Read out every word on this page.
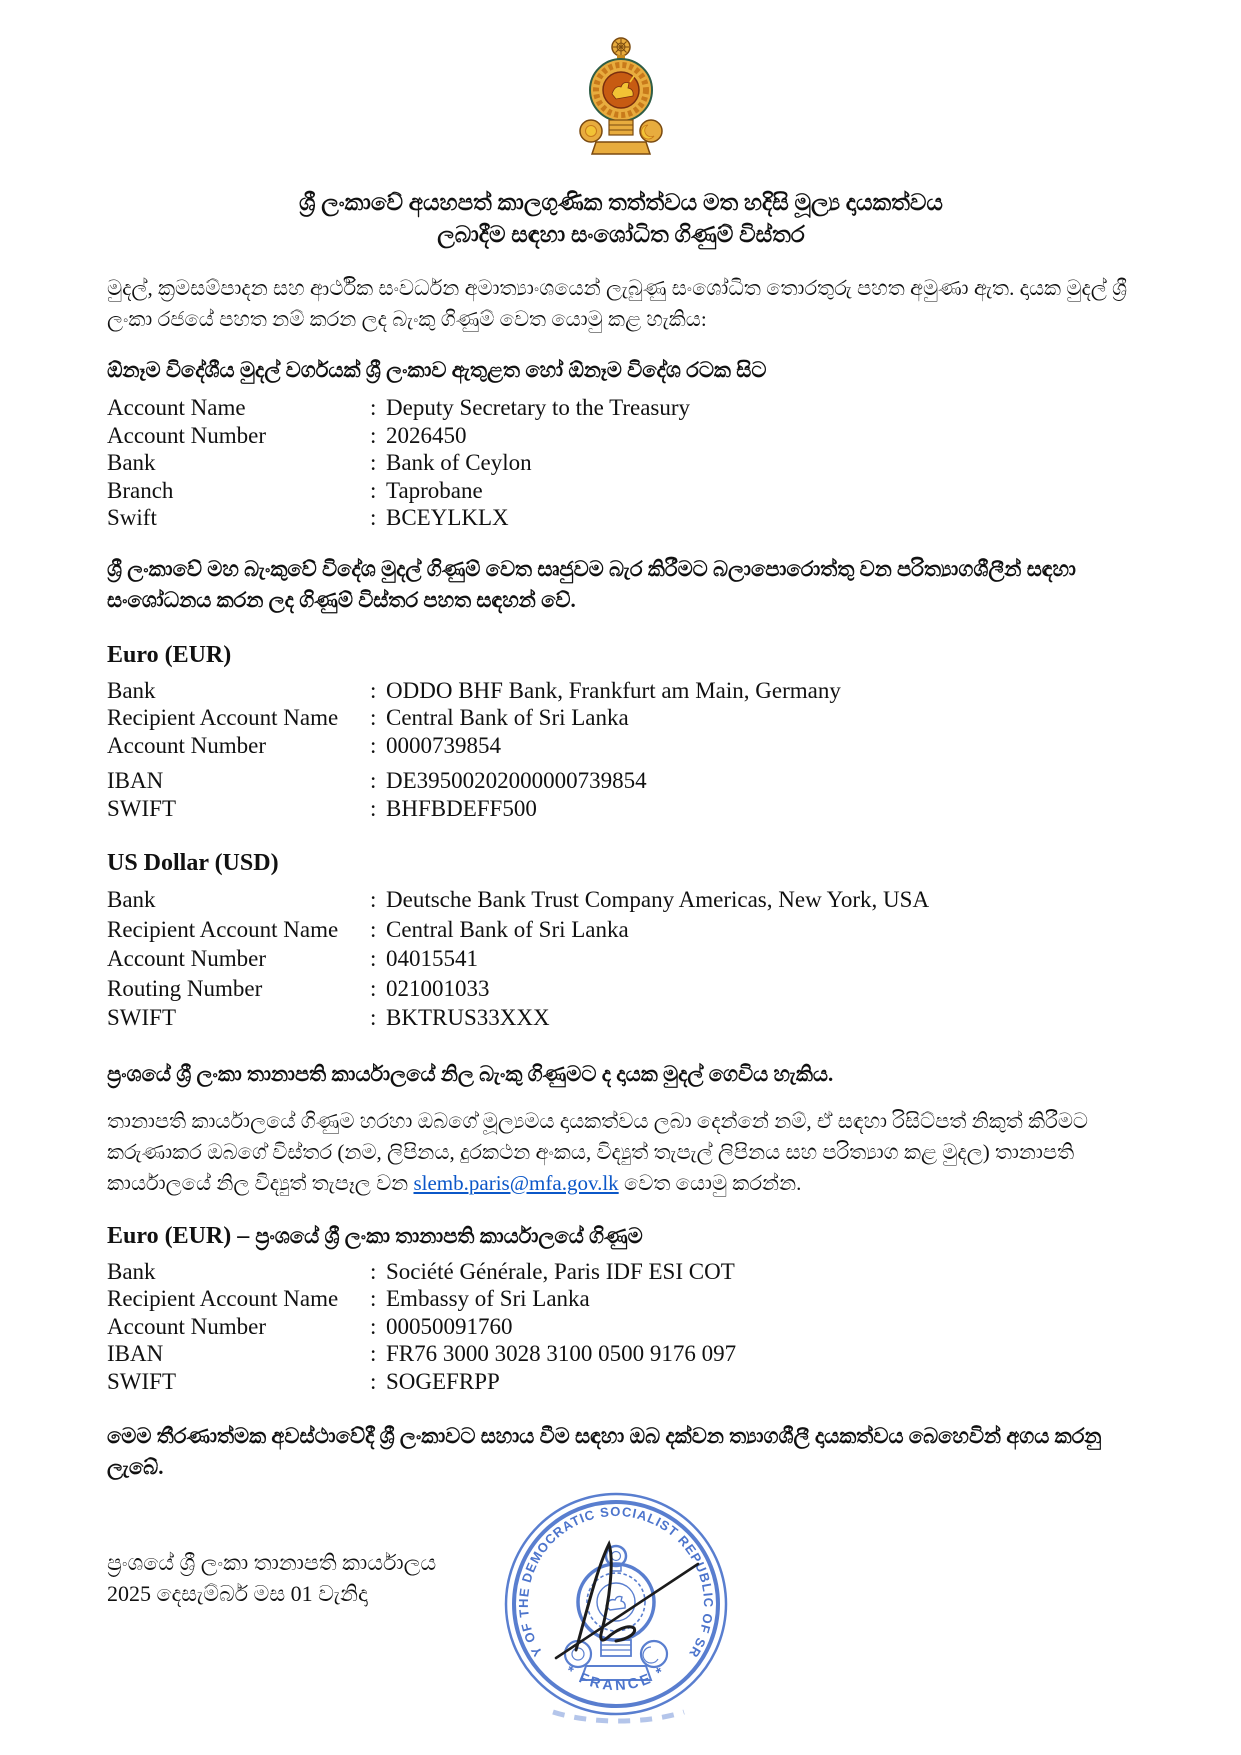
ශ්‍රී ලංකාවේ අයහපත් කාලගුණික තත්ත්වය මත හදිසි මූල්‍ය දායකත්වය
ලබාදීම සඳහා සංශෝධිත ගිණුම් විස්තර

මුදල්, ක්‍රමසම්පාදන සහ ආර්ථික සංවර්ධන අමාත්‍යාංශයෙන් ලැබුණු සංශෝධිත තොරතුරු පහත අමුණා ඇත. දායක මුදල් ශ්‍රී ලංකා රජයේ පහත නම් කරන ලද බැංකු ගිණුම් වෙත යොමු කළ හැකිය:

ඕනෑම විදේශීය මුදල් වර්ගයක් ශ්‍රී ලංකාව ඇතුළත හෝ ඕනෑම විදේශ රටක සිට

Account Name	: Deputy Secretary to the Treasury
Account Number	: 2026450
Bank	: Bank of Ceylon
Branch	: Taprobane
Swift	: BCEYLKLX

ශ්‍රී ලංකාවේ මහ බැංකුවේ විදේශ මුදල් ගිණුම් වෙත සෘජුවම බැර කිරීමට බලාපොරොත්තු වන පරිත්‍යාගශීලීන් සඳහා සංශෝධනය කරන ලද ගිණුම් විස්තර පහත සඳහන් වේ.

Euro (EUR)
Bank	: ODDO BHF Bank, Frankfurt am Main, Germany
Recipient Account Name	: Central Bank of Sri Lanka
Account Number	: 0000739854
IBAN	: DE39500202000000739854
SWIFT	: BHFBDEFF500
US Dollar (USD)
Bank	: Deutsche Bank Trust Company Americas, New York, USA
Recipient Account Name	: Central Bank of Sri Lanka
Account Number	: 04015541
Routing Number	: 021001033
SWIFT	: BKTRUS33XXX

ප්‍රංශයේ ශ්‍රී ලංකා තානාපති කාර්යාලයේ නිල බැංකු ගිණුමට ද දායක මුදල් ගෙවිය හැකිය.

තානාපති කාර්යාලයේ ගිණුම හරහා ඔබගේ මූල්‍යමය දායකත්වය ලබා දෙන්නේ නම්, ඒ සඳහා රිසිට්පත් නිකුත් කිරීමට කරුණාකර ඔබගේ විස්තර (නම, ලිපිනය, දුරකථන අංකය, විද්‍යුත් තැපැල් ලිපිනය සහ පරිත්‍යාග කළ මුදල) තානාපති කාර්යාලයේ නිල විද්‍යුත් තැපෑල වන slemb.paris@mfa.gov.lk වෙත යොමු කරන්න.

Euro (EUR) – ප්‍රංශයේ ශ්‍රී ලංකා තානාපති කාර්යාලයේ ගිණුම
Bank	: Société Générale, Paris IDF ESI COT
Recipient Account Name	: Embassy of Sri Lanka
Account Number	: 00050091760
IBAN	: FR76 3000 3028 3100 0500 9176 097
SWIFT	: SOGEFRPP

මෙම තීරණාත්මක අවස්ථාවේදී ශ්‍රී ලංකාවට සහාය වීම සඳහා ඔබ දක්වන ත්‍යාගශීලී දායකත්වය බෙහෙවින් අගය කරනු ලැබේ.

ප්‍රංශයේ ශ්‍රී ලංකා තානාපති කාර්යාලය
2025 දෙසැම්බර් මස 01 වැනිදා
EMBASSY OF THE DEMOCRATIC SOCIALIST REPUBLIC OF SRI LANKA
* FRANCE *
